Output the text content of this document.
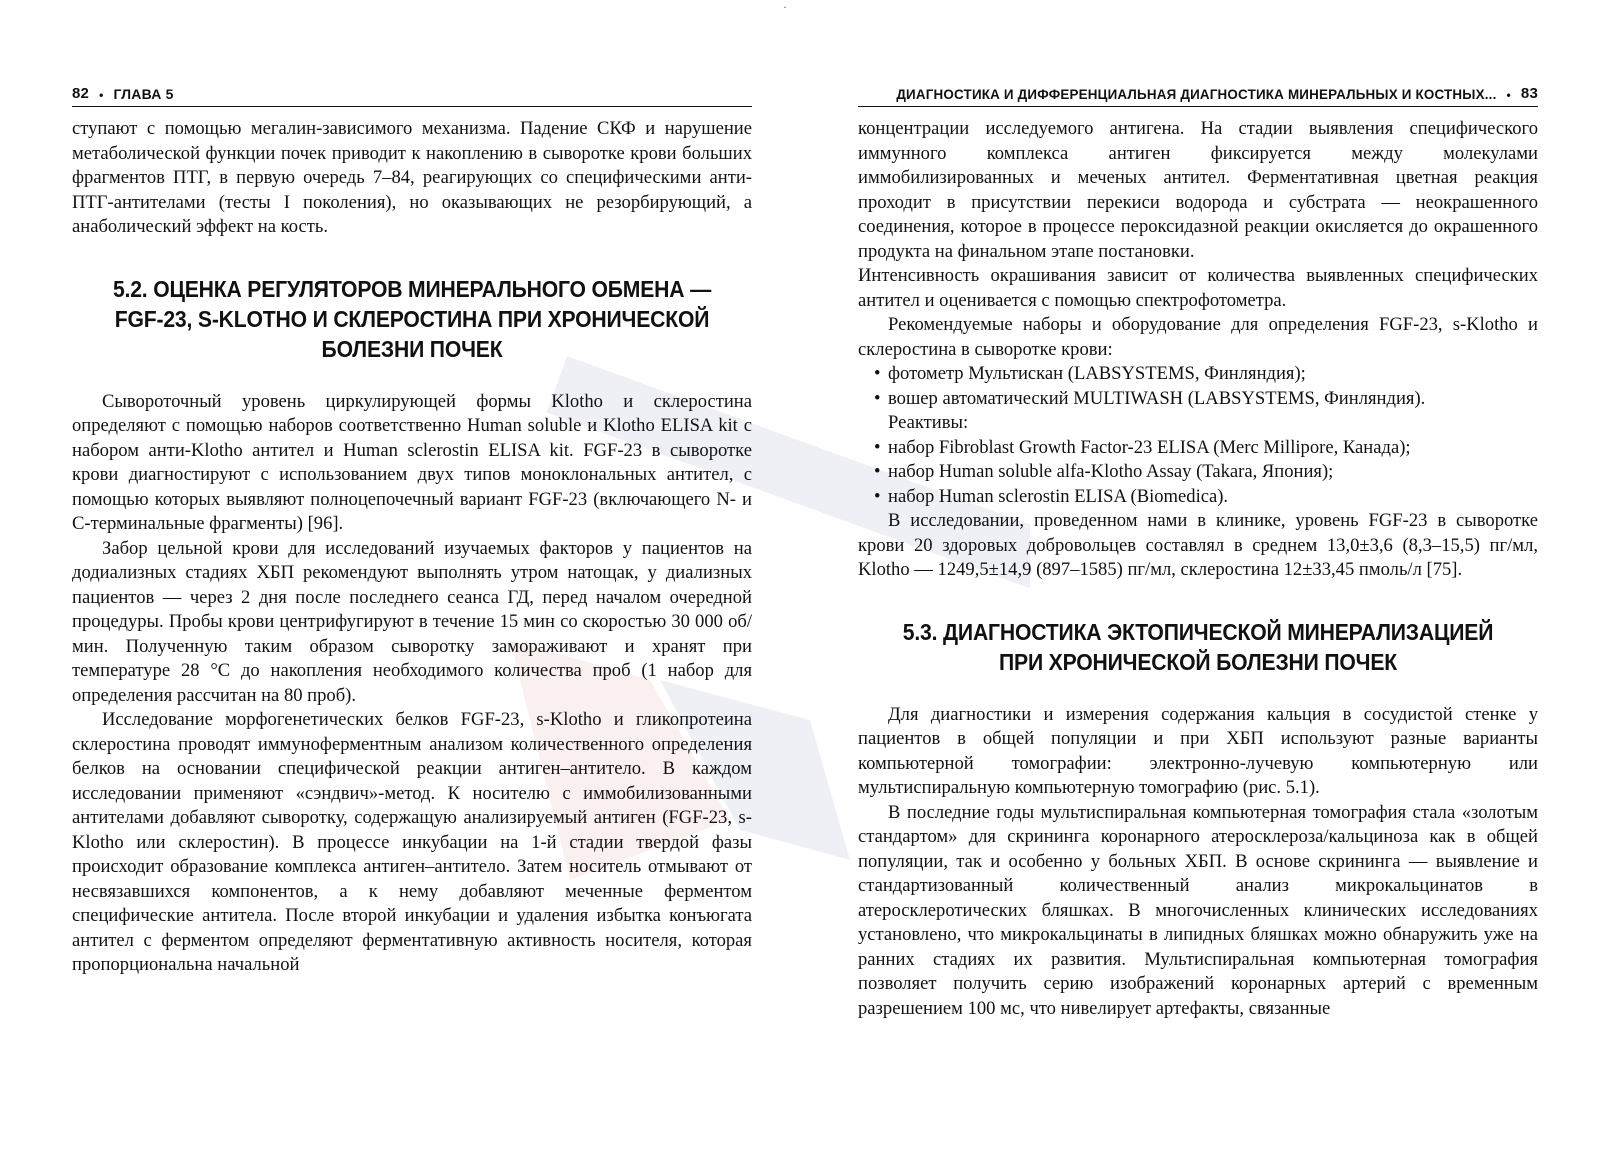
·
82 • ГЛАВА 5

ступают с помощью мегалин-зависимого механизма. Падение СКФ и нарушение метаболической функции почек приводит к накоплению в сыворотке крови больших фрагментов ПТГ, в первую очередь 7–84, реагирующих со специфическими анти-ПТГ-антителами (тесты I поколения), но оказывающих не резорбирующий, а анаболический эффект на кость.

5.2. ОЦЕНКА РЕГУЛЯТОРОВ МИНЕРАЛЬНОГО ОБМЕНА — FGF-23, S-KLOTHO И СКЛЕРОСТИНА ПРИ ХРОНИЧЕСКОЙ БОЛЕЗНИ ПОЧЕК

Сывороточный уровень циркулирующей формы Klotho и склеростина определяют с помощью наборов соответственно Human soluble и Klotho ELISA kit с набором анти-Klotho антител и Human sclerostin ELISA kit. FGF-23 в сыворотке крови диагностируют с использованием двух типов моноклональных антител, с помощью которых выявляют полноцепочечный вариант FGF-23 (включающего N- и С-терминальные фрагменты) [96].

Забор цельной крови для исследований изучаемых факторов у пациентов на додиализных стадиях ХБП рекомендуют выполнять утром натощак, у диализных пациентов — через 2 дня после последнего сеанса ГД, перед началом очередной процедуры. Пробы крови центрифугируют в течение 15 мин со скоростью 30 000 об/мин. Полученную таким образом сыворотку замораживают и хранят при температуре 28 °С до накопления необходимого количества проб (1 набор для определения рассчитан на 80 проб).

Исследование морфогенетических белков FGF-23, s-Klotho и гликопротеина склеростина проводят иммуноферментным анализом количественного определения белков на основании специфической реакции антиген–антитело. В каждом исследовании применяют «сэндвич»-метод. К носителю с иммобилизованными антителами добавляют сыворотку, содержащую анализируемый антиген (FGF-23, s-Klotho или склеростин). В процессе инкубации на 1-й стадии твердой фазы происходит образование комплекса антиген–антитело. Затем носитель отмывают от несвязавшихся компонентов, а к нему добавляют меченные ферментом специфические антитела. После второй инкубации и удаления избытка конъюгата антител с ферментом определяют ферментативную активность носителя, которая пропорциональна начальной

ДИАГНОСТИКА И ДИФФЕРЕНЦИАЛЬНАЯ ДИАГНОСТИКА МИНЕРАЛЬНЫХ И КОСТНЫХ... • 83

концентрации исследуемого антигена. На стадии выявления специфического иммунного комплекса антиген фиксируется между молекулами иммобилизированных и меченых антител. Ферментативная цветная реакция проходит в присутствии перекиси водорода и субстрата — неокрашенного соединения, которое в процессе пероксидазной реакции окисляется до окрашенного продукта на финальном этапе постановки.

Интенсивность окрашивания зависит от количества выявленных специфических антител и оценивается с помощью спектрофотометра.

Рекомендуемые наборы и оборудование для определения FGF-23, s-Klotho и склеростина в сыворотке крови:

• фотометр Мультискан (LABSYSTEMS, Финляндия);
• вошер автоматический MULTIWASH (LABSYSTEMS, Финляндия).
Реактивы:
• набор Fibroblast Growth Factor-23 ELISA (Merc Millipore, Канада);
• набор Human soluble alfa-Klotho Assay (Takara, Япония);
• набор Human sclerostin ELISA (Biomedica).

В исследовании, проведенном нами в клинике, уровень FGF-23 в сыворотке крови 20 здоровых добровольцев составлял в среднем 13,0±3,6 (8,3–15,5) пг/мл, Klotho — 1249,5±14,9 (897–1585) пг/мл, склеростина 12±33,45 пмоль/л [75].

5.3. ДИАГНОСТИКА ЭКТОПИЧЕСКОЙ МИНЕРАЛИЗАЦИЕЙ ПРИ ХРОНИЧЕСКОЙ БОЛЕЗНИ ПОЧЕК

Для диагностики и измерения содержания кальция в сосудистой стенке у пациентов в общей популяции и при ХБП используют разные варианты компьютерной томографии: электронно-лучевую компьютерную или мультиспиральную компьютерную томографию (рис. 5.1).

В последние годы мультиспиральная компьютерная томография стала «золотым стандартом» для скрининга коронарного атеросклероза/кальциноза как в общей популяции, так и особенно у больных ХБП. В основе скрининга — выявление и стандартизованный количественный анализ микрокальцинатов в атеросклеротических бляшках. В многочисленных клинических исследованиях установлено, что микрокальцинаты в липидных бляшках можно обнаружить уже на ранних стадиях их развития. Мультиспиральная компьютерная томография позволяет получить серию изображений коронарных артерий с временным разрешением 100 мс, что нивелирует артефакты, связанные
